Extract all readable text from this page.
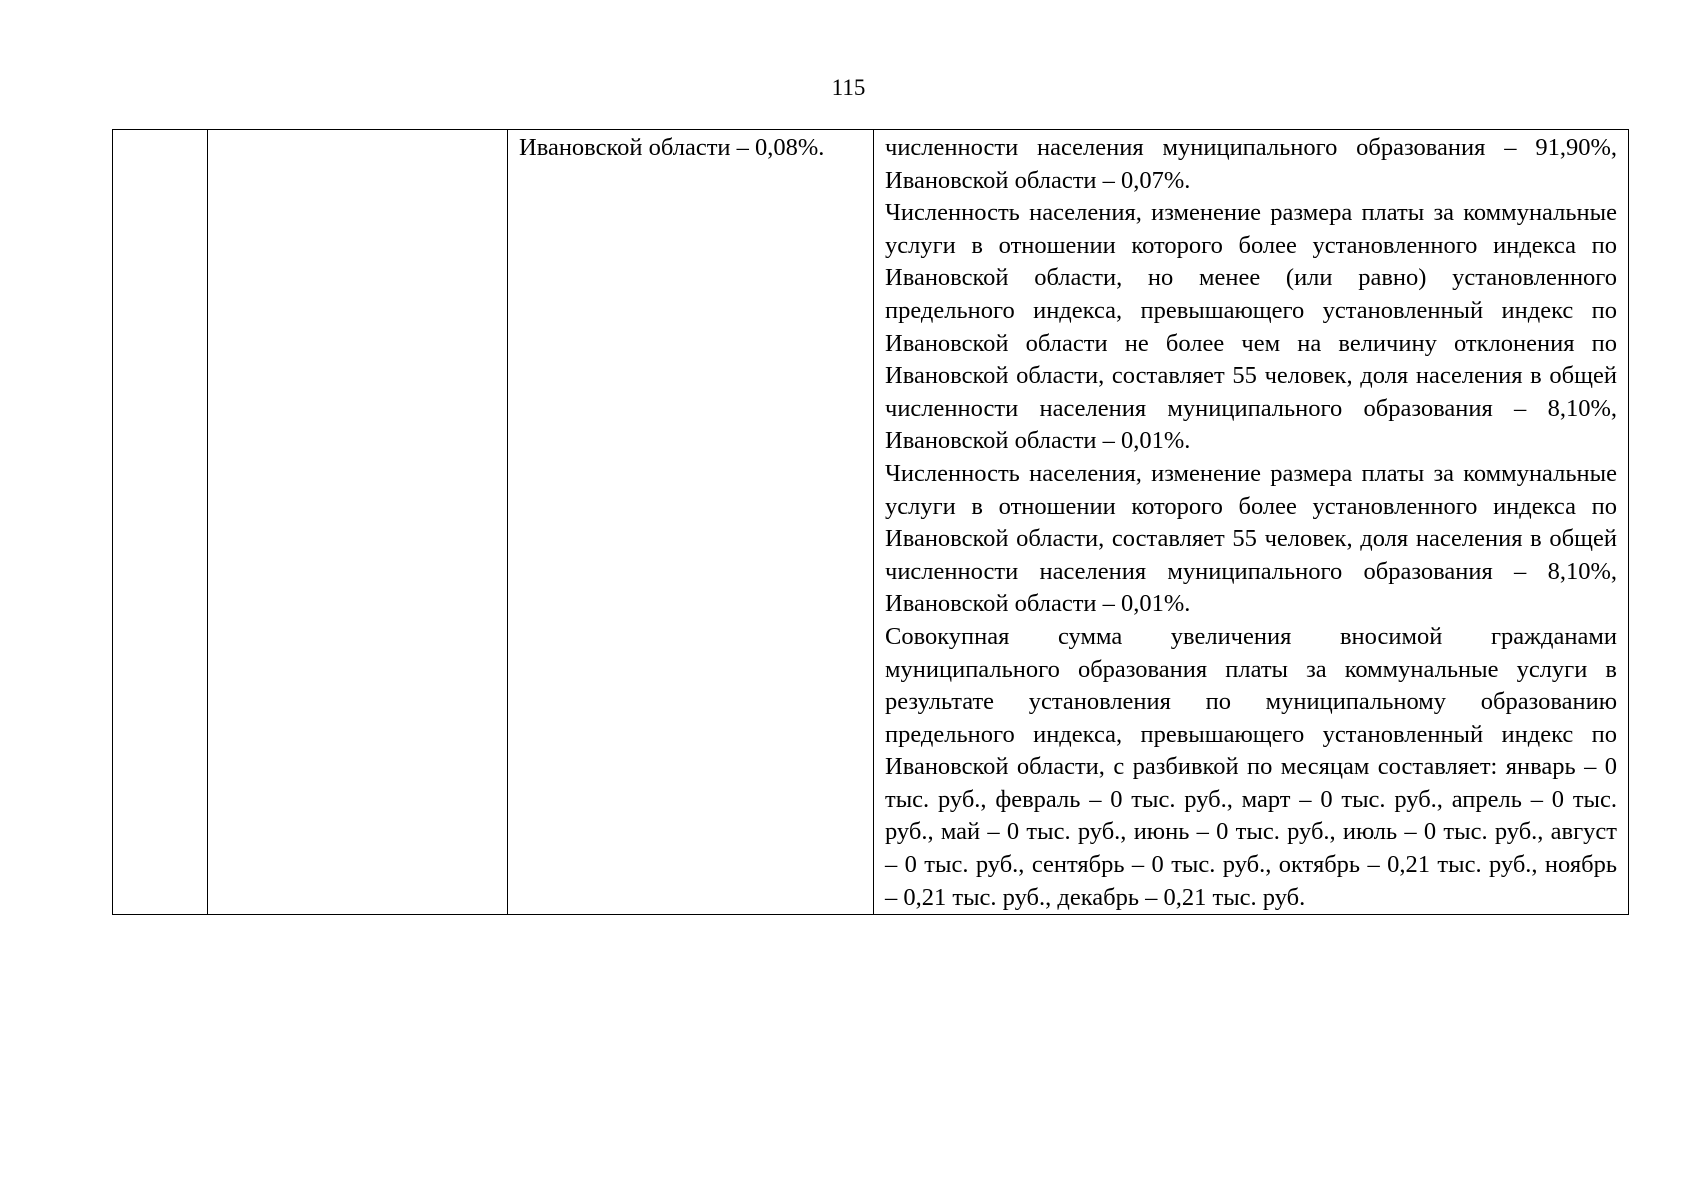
115

Ивановской области – 0,08%.	численности населения муниципального образования – 91,90%, Ивановской области – 0,07%.

Численность населения, изменение размера платы за коммунальные услуги в отношении которого более установленного индекса по Ивановской области, но менее (или равно) установленного предельного индекса, превышающего установленный индекс по Ивановской области не более чем на величину отклонения по Ивановской области, составляет 55 человек, доля населения в общей численности населения муниципального образования – 8,10%, Ивановской области – 0,01%.

Численность населения, изменение размера платы за коммунальные услуги в отношении которого более установленного индекса по Ивановской области, составляет 55 человек, доля населения в общей численности населения муниципального образования – 8,10%, Ивановской области – 0,01%.

Совокупная сумма увеличения вносимой гражданами муниципального образования платы за коммунальные услуги в результате установления по муниципальному образованию предельного индекса, превышающего установленный индекс по Ивановской области, с разбивкой по месяцам составляет: январь – 0 тыс. руб., февраль – 0 тыс. руб., март – 0 тыс. руб., апрель – 0 тыс. руб., май – 0 тыс. руб., июнь – 0 тыс. руб., июль – 0 тыс. руб., август – 0 тыс. руб., сентябрь – 0 тыс. руб., октябрь – 0,21 тыс. руб., ноябрь – 0,21 тыс. руб., декабрь – 0,21 тыс. руб.
